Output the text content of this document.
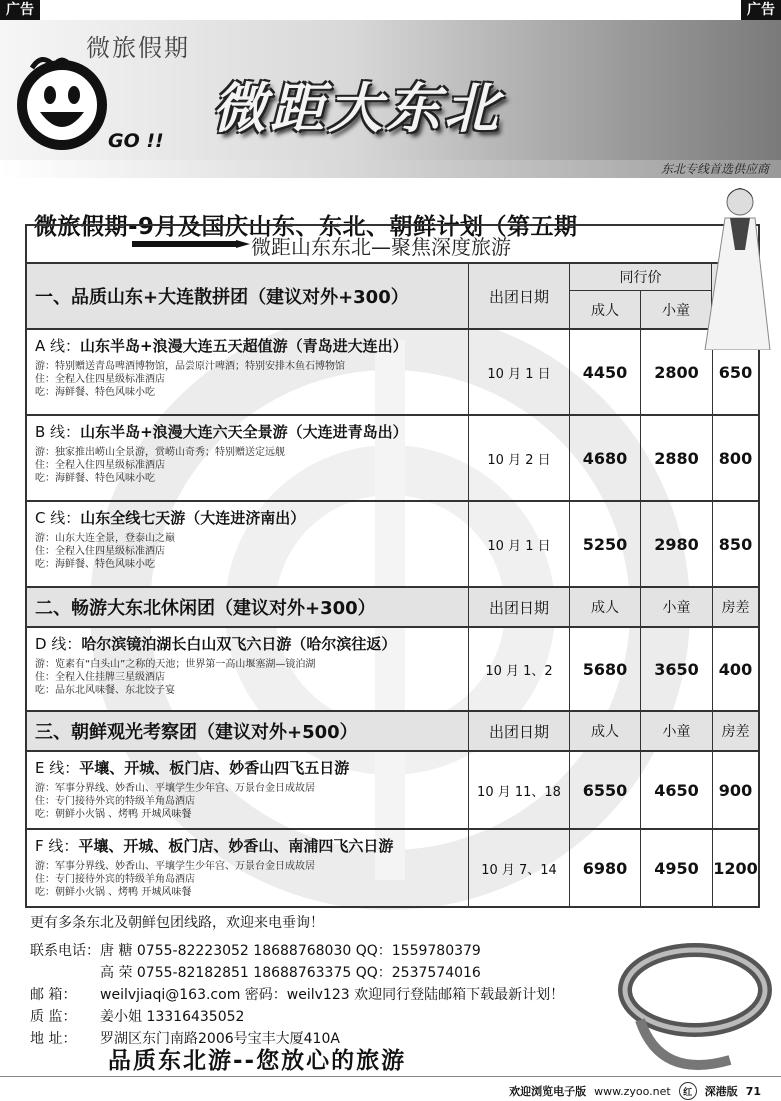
广告	广告
微旅假期
GO !!
微距大东北
东北专线首选供应商
微旅假期-9月及国庆山东、东北、朝鲜计划（第五期
微距山东东北—聚焦深度旅游
一、品质山东+大连散拼团（建议对外+300）	出团日期
同行价
成人	小童
A 线：山东半岛+浪漫大连五天超值游（青岛进大连出）
游：特别赠送青岛啤酒博物馆，品尝原汁啤酒；特别安排木鱼石博物馆
住：全程入住四星级标准酒店
吃：海鲜餐、特色风味小吃
10 月 1 日	4450	2800	650
B 线：山东半岛+浪漫大连六天全景游（大连进青岛出）
游：独家推出崂山全景游，赏崂山奇秀；特别赠送定远舰
住：全程入住四星级标准酒店
吃：海鲜餐、特色风味小吃
10 月 2 日	4680	2880	800
C 线：山东全线七天游（大连进济南出）
游：山东大连全景，登泰山之巅
住：全程入住四星级标准酒店
吃：海鲜餐、特色风味小吃
10 月 1 日	5250	2980	850
二、畅游大东北休闲团（建议对外+300）	出团日期	成人	小童	房差
D 线：哈尔滨镜泊湖长白山双飞六日游（哈尔滨往返）
游：览素有“白头山”之称的天池；世界第一高山堰塞湖—镜泊湖
住：全程入住挂牌三星级酒店
吃：品东北风味餐、东北饺子宴
10 月 1、2	5680	3650	400
三、朝鲜观光考察团（建议对外+500）	出团日期	成人	小童	房差
E 线：平壤、开城、板门店、妙香山四飞五日游
游：军事分界线、妙香山、平壤学生少年宫、万景台金日成故居
住：专门接待外宾的特级羊角岛酒店
吃：朝鲜小火锅 、烤鸭 开城风味餐
10 月 11、18	6550	4650	900
F 线：平壤、开城、板门店、妙香山、南浦四飞六日游
游：军事分界线、妙香山、平壤学生少年宫、万景台金日成故居
住：专门接待外宾的特级羊角岛酒店
吃：朝鲜小火锅 、烤鸭 开城风味餐
10 月 7、14	6980	4950 1200
更有多条东北及朝鲜包团线路，欢迎来电垂询！
联系电话： 唐 糖 0755-82223052 18688768030 QQ：1559780379
高 荣 0755-82182851 18688763375 QQ：2537574016
邮 箱：	weilvjiaqi@163.com 密码：weilv123 欢迎同行登陆邮箱下载最新计划！
质 监：	姜小姐 13316435052
地 址：	罗湖区东门南路2006号宝丰大厦410A
品质东北游--您放心的旅游
欢迎浏览电子版 www.zyoo.net	红	深港版 71
